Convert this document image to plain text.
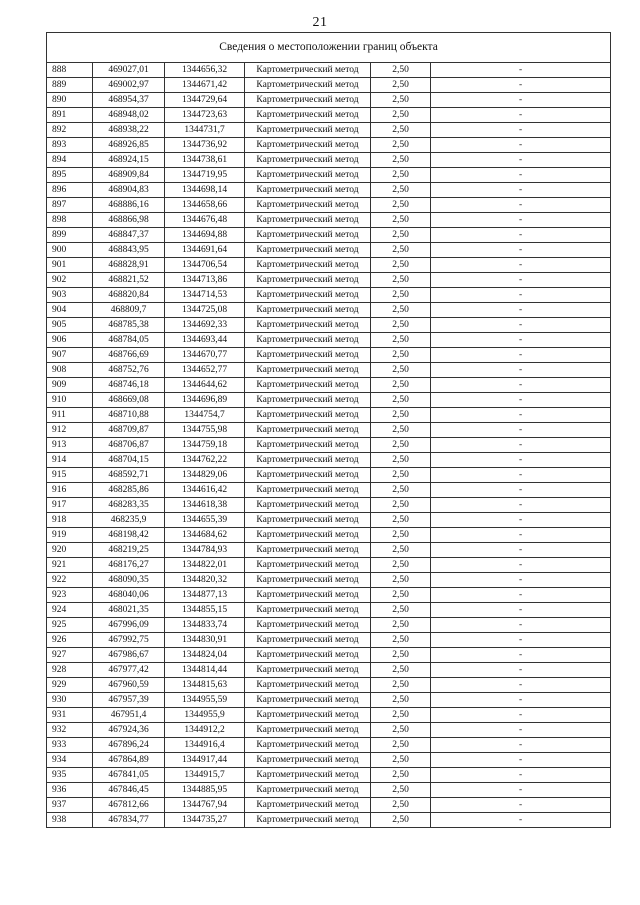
21
Сведения о местоположении границ объекта					
888	469027,01	1344656,32	Картометрический метод	2,50	-
889	469002,97	1344671,42	Картометрический метод	2,50	-
890	468954,37	1344729,64	Картометрический метод	2,50	-
891	468948,02	1344723,63	Картометрический метод	2,50	-
892	468938,22	1344731,7	Картометрический метод	2,50	-
893	468926,85	1344736,92	Картометрический метод	2,50	-
894	468924,15	1344738,61	Картометрический метод	2,50	-
895	468909,84	1344719,95	Картометрический метод	2,50	-
896	468904,83	1344698,14	Картометрический метод	2,50	-
897	468886,16	1344658,66	Картометрический метод	2,50	-
898	468866,98	1344676,48	Картометрический метод	2,50	-
899	468847,37	1344694,88	Картометрический метод	2,50	-
900	468843,95	1344691,64	Картометрический метод	2,50	-
901	468828,91	1344706,54	Картометрический метод	2,50	-
902	468821,52	1344713,86	Картометрический метод	2,50	-
903	468820,84	1344714,53	Картометрический метод	2,50	-
904	468809,7	1344725,08	Картометрический метод	2,50	-
905	468785,38	1344692,33	Картометрический метод	2,50	-
906	468784,05	1344693,44	Картометрический метод	2,50	-
907	468766,69	1344670,77	Картометрический метод	2,50	-
908	468752,76	1344652,77	Картометрический метод	2,50	-
909	468746,18	1344644,62	Картометрический метод	2,50	-
910	468669,08	1344696,89	Картометрический метод	2,50	-
911	468710,88	1344754,7	Картометрический метод	2,50	-
912	468709,87	1344755,98	Картометрический метод	2,50	-
913	468706,87	1344759,18	Картометрический метод	2,50	-
914	468704,15	1344762,22	Картометрический метод	2,50	-
915	468592,71	1344829,06	Картометрический метод	2,50	-
916	468285,86	1344616,42	Картометрический метод	2,50	-
917	468283,35	1344618,38	Картометрический метод	2,50	-
918	468235,9	1344655,39	Картометрический метод	2,50	-
919	468198,42	1344684,62	Картометрический метод	2,50	-
920	468219,25	1344784,93	Картометрический метод	2,50	-
921	468176,27	1344822,01	Картометрический метод	2,50	-
922	468090,35	1344820,32	Картометрический метод	2,50	-
923	468040,06	1344877,13	Картометрический метод	2,50	-
924	468021,35	1344855,15	Картометрический метод	2,50	-
925	467996,09	1344833,74	Картометрический метод	2,50	-
926	467992,75	1344830,91	Картометрический метод	2,50	-
927	467986,67	1344824,04	Картометрический метод	2,50	-
928	467977,42	1344814,44	Картометрический метод	2,50	-
929	467960,59	1344815,63	Картометрический метод	2,50	-
930	467957,39	1344955,59	Картометрический метод	2,50	-
931	467951,4	1344955,9	Картометрический метод	2,50	-
932	467924,36	1344912,2	Картометрический метод	2,50	-
933	467896,24	1344916,4	Картометрический метод	2,50	-
934	467864,89	1344917,44	Картометрический метод	2,50	-
935	467841,05	1344915,7	Картометрический метод	2,50	-
936	467846,45	1344885,95	Картометрический метод	2,50	-
937	467812,66	1344767,94	Картометрический метод	2,50	-
938	467834,77	1344735,27	Картометрический метод	2,50	-
